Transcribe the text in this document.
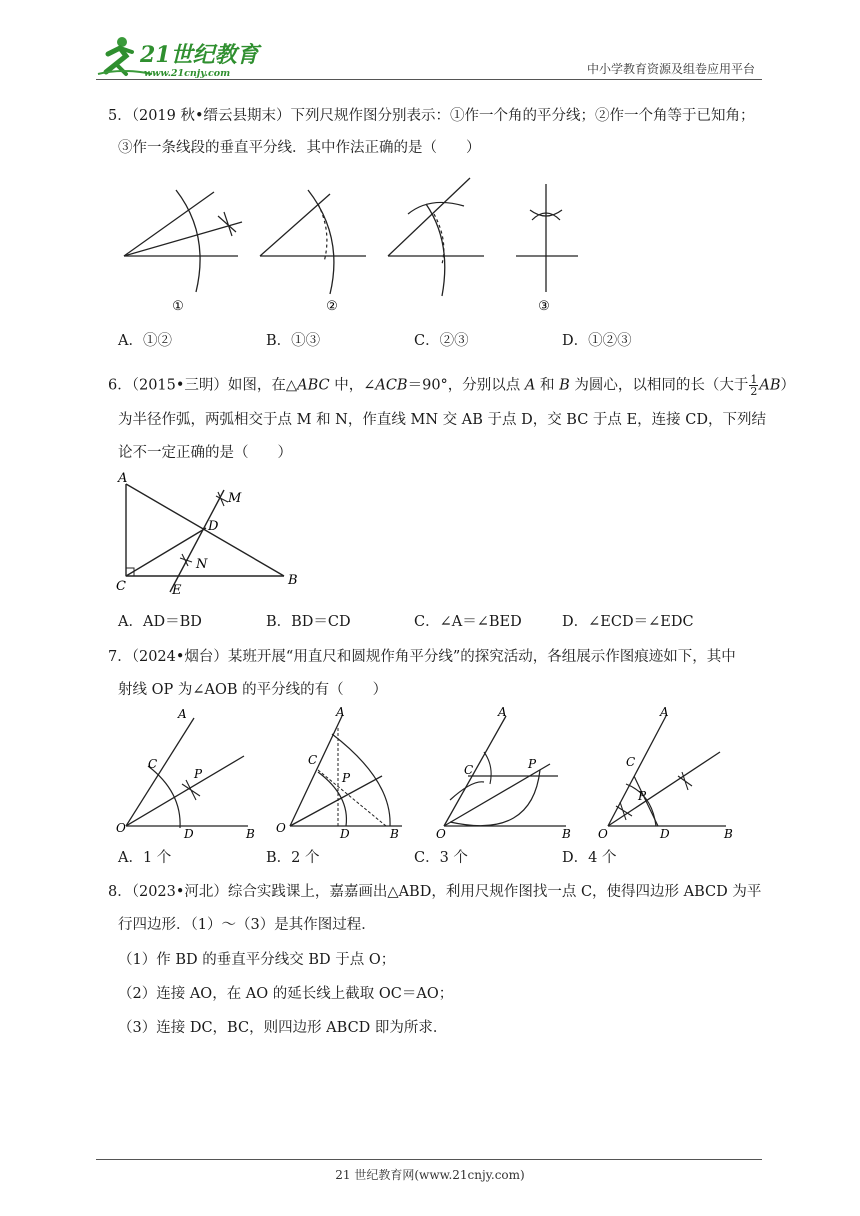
21世纪教育
www.21cnjy.com	中小学教育资源及组卷应用平台
5．（2019 秋•缙云县期末）下列尺规作图分别表示：①作一个角的平分线；②作一个角等于已知角；
③作一条线段的垂直平分线．其中作法正确的是（　　）
①	②	③
A．①②	B．①③	C．②③	D．①②③
6．（2015•三明）如图，在△ABC 中，∠ACB＝90°，分别以点 A 和 B 为圆心，以相同的长（大于 $\frac{1}{2} AB$）
为半径作弧，两弧相交于点 M 和 N，作直线 MN 交 AB 于点 D，交 BC 于点 E，连接 CD，下列结
论不一定正确的是（　　）
A
M
D
N
C	E
B
A．AD＝BD	B．BD＝CD	C．∠A＝∠BED	D．∠ECD＝∠EDC
7．（2024•烟台）某班开展“用直尺和圆规作角平分线”的探究活动，各组展示作图痕迹如下，其中
射线 OP 为∠AOB 的平分线的有（　　）
A
B
C
D
O
P
A
B
C
D
O
P
A
B
C
O
P
A
B
C
D
O
P
A．1 个	B．2 个	C．3 个	D．4 个
8．（2023•河北）综合实践课上，嘉嘉画出△ABD，利用尺规作图找一点 C，使得四边形 ABCD 为平
行四边形．（1）～（3）是其作图过程．
（1）作 BD 的垂直平分线交 BD 于点 O；
（2）连接 AO，在 AO 的延长线上截取 OC＝AO；
（3）连接 DC，BC，则四边形 ABCD 即为所求．
21 世纪教育网(www.21cnjy.com)
